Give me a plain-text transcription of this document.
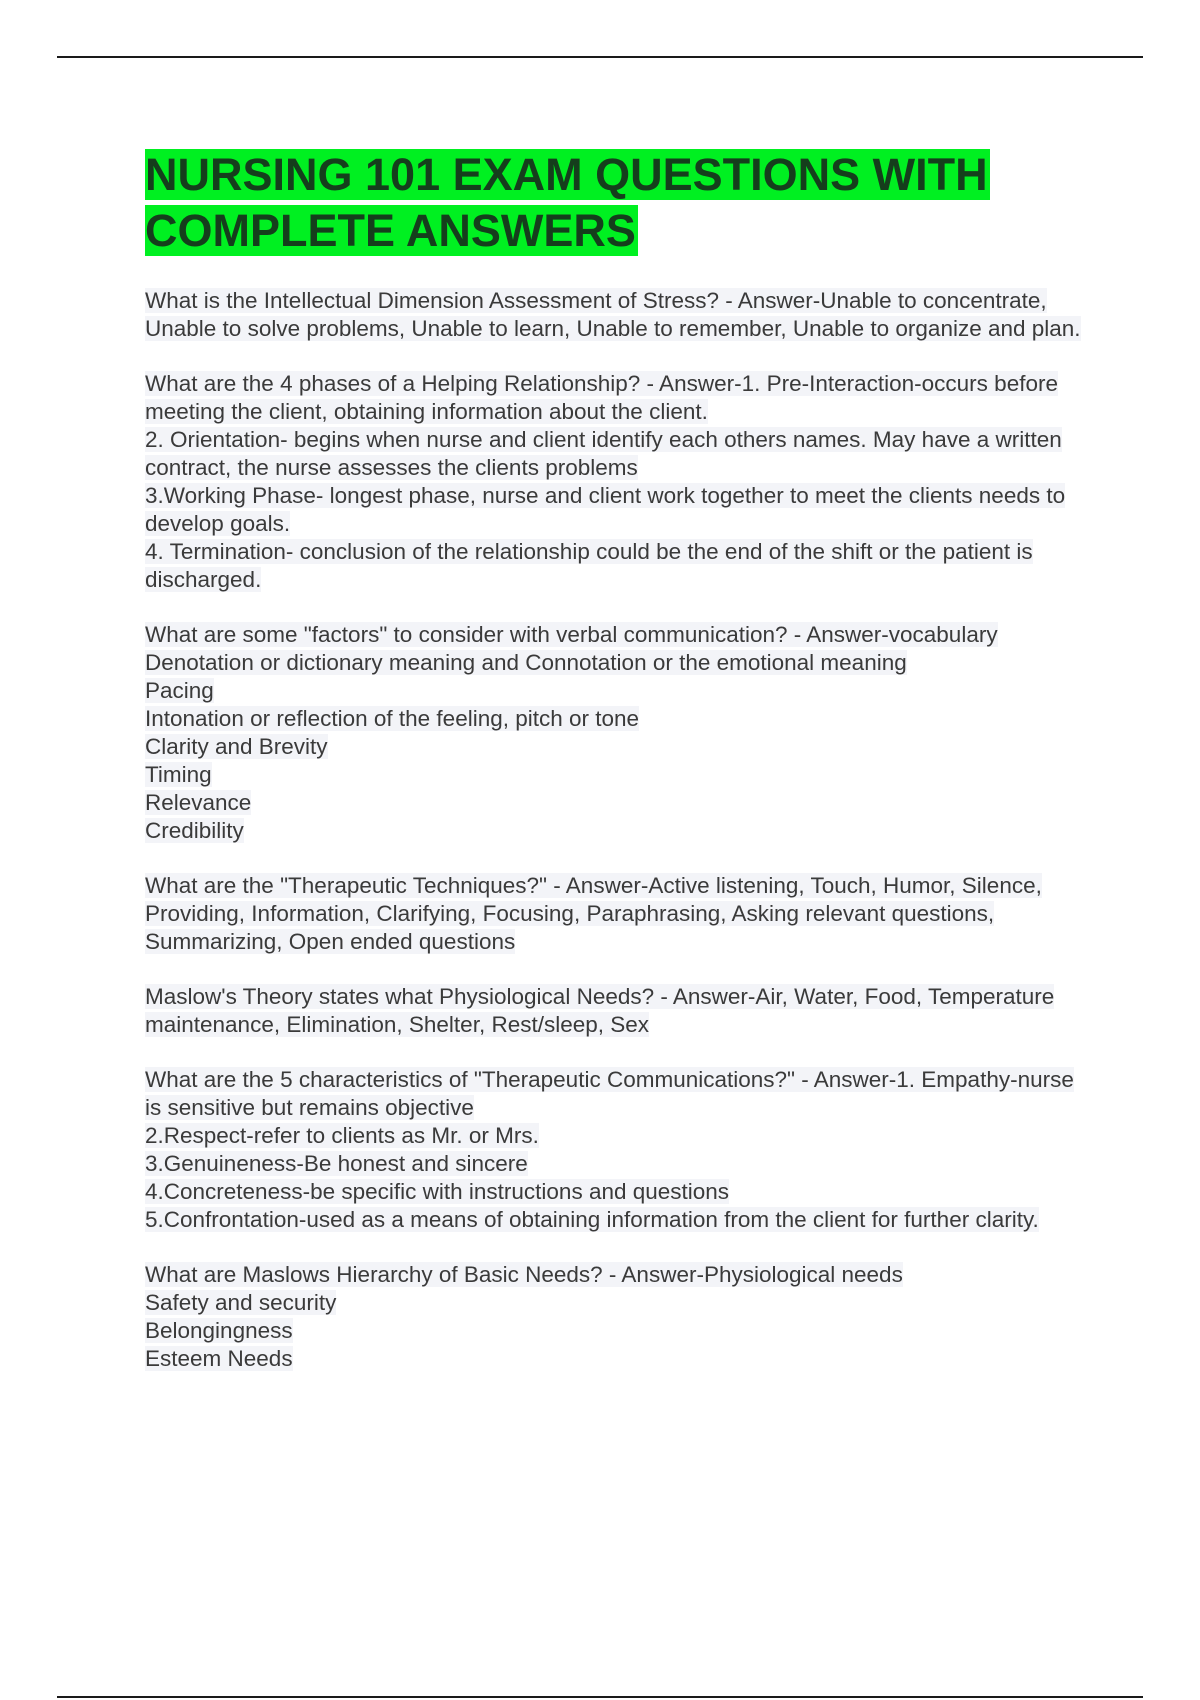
NURSING 101 EXAM QUESTIONS WITH COMPLETE ANSWERS
What is the Intellectual Dimension Assessment of Stress? - Answer-Unable to concentrate, Unable to solve problems, Unable to learn, Unable to remember, Unable to organize and plan.
What are the 4 phases of a Helping Relationship? - Answer-1. Pre-Interaction-occurs before meeting the client, obtaining information about the client.
2. Orientation- begins when nurse and client identify each others names. May have a written contract, the nurse assesses the clients problems
3.Working Phase- longest phase, nurse and client work together to meet the clients needs to develop goals.
4. Termination- conclusion of the relationship could be the end of the shift or the patient is discharged.
What are some "factors" to consider with verbal communication? - Answer-vocabulary
Denotation or dictionary meaning and Connotation or the emotional meaning
Pacing
Intonation or reflection of the feeling, pitch or tone
Clarity and Brevity
Timing
Relevance
Credibility
What are the "Therapeutic Techniques?" - Answer-Active listening, Touch, Humor, Silence, Providing, Information, Clarifying, Focusing, Paraphrasing, Asking relevant questions, Summarizing, Open ended questions
Maslow's Theory states what Physiological Needs? - Answer-Air, Water, Food, Temperature maintenance, Elimination, Shelter, Rest/sleep, Sex
What are the 5 characteristics of "Therapeutic Communications?" - Answer-1. Empathy-nurse is sensitive but remains objective
2.Respect-refer to clients as Mr. or Mrs.
3.Genuineness-Be honest and sincere
4.Concreteness-be specific with instructions and questions
5.Confrontation-used as a means of obtaining information from the client for further clarity.
What are Maslows Hierarchy of Basic Needs? - Answer-Physiological needs
Safety and security
Belongingness
Esteem Needs
